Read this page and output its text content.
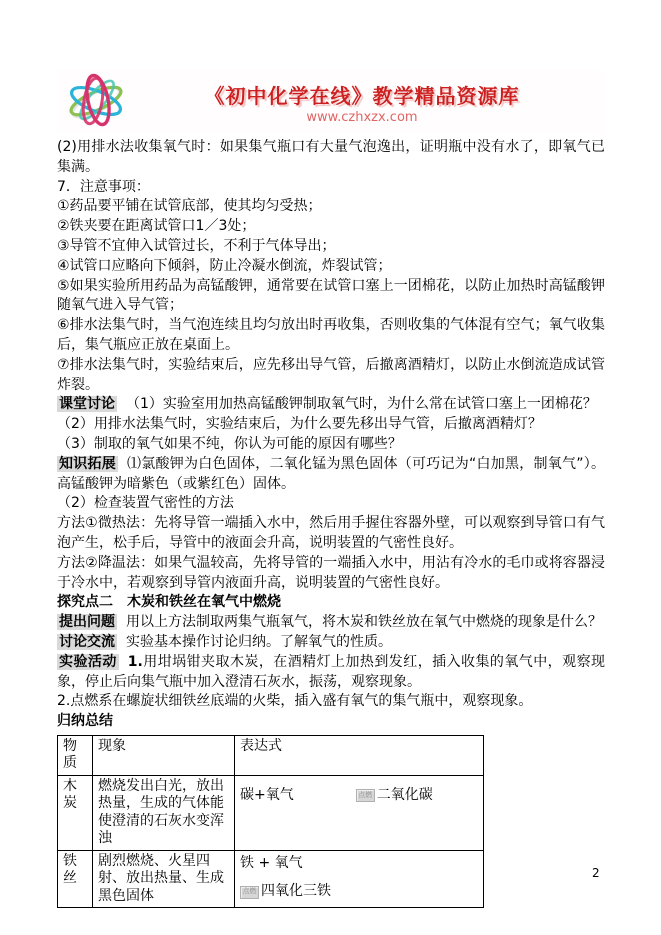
《初中化学在线》教学精品资源库
www.czhxzx.com
(2)用排水法收集氧气时：如果集气瓶口有大量气泡逸出，证明瓶中没有水了，即氧气已集满。
7．注意事项：
①药品要平铺在试管底部，使其均匀受热；
②铁夹要在距离试管口1／3处；
③导管不宜伸入试管过长，不利于气体导出；
④试管口应略向下倾斜，防止冷凝水倒流，炸裂试管；
⑤如果实验所用药品为高锰酸钾，通常要在试管口塞上一团棉花，以防止加热时高锰酸钾随氧气进入导气管；
⑥排水法集气时，当气泡连续且均匀放出时再收集，否则收集的气体混有空气；氧气收集后，集气瓶应正放在桌面上。
⑦排水法集气时，实验结束后，应先移出导气管，后撤离酒精灯，以防止水倒流造成试管炸裂。
课堂讨论 （1）实验室用加热高锰酸钾制取氧气时，为什么常在试管口塞上一团棉花？
（2）用排水法集气时，实验结束后，为什么要先移出导气管，后撤离酒精灯？
（3）制取的氧气如果不纯，你认为可能的原因有哪些？
知识拓展 ⑴氯酸钾为白色固体，二氧化锰为黑色固体（可巧记为“白加黑，制氧气”）。高锰酸钾为暗紫色（或紫红色）固体。
（2）检查装置气密性的方法
方法①微热法：先将导管一端插入水中，然后用手握住容器外壁，可以观察到导管口有气泡产生，松手后，导管中的液面会升高，说明装置的气密性良好。
方法②降温法：如果气温较高，先将导管的一端插入水中，用沾有冷水的毛巾或将容器浸于冷水中，若观察到导管内液面升高，说明装置的气密性良好。
探究点二 木炭和铁丝在氧气中燃烧
提出问题 用以上方法制取两集气瓶氧气，将木炭和铁丝放在氧气中燃烧的现象是什么？
讨论交流 实验基本操作讨论归纳。了解氧气的性质。
实验活动 1.用坩埚钳夹取木炭，在酒精灯上加热到发红，插入收集的氧气中，观察现象，停止后向集气瓶中加入澄清石灰水，振荡，观察现象。
2.点燃系在螺旋状细铁丝底端的火柴，插入盛有氧气的集气瓶中，观察现象。
归纳总结
物质	现象	表达式
木炭	燃烧发出白光，放出热量，生成的气体能使澄清的石灰水变浑浊	碳+氧气 点燃 二氧化碳

铁丝	剧烈燃烧、火星四射、放出热量、生成黑色固体	铁 + 氧气
点燃 四氧化三铁
2
